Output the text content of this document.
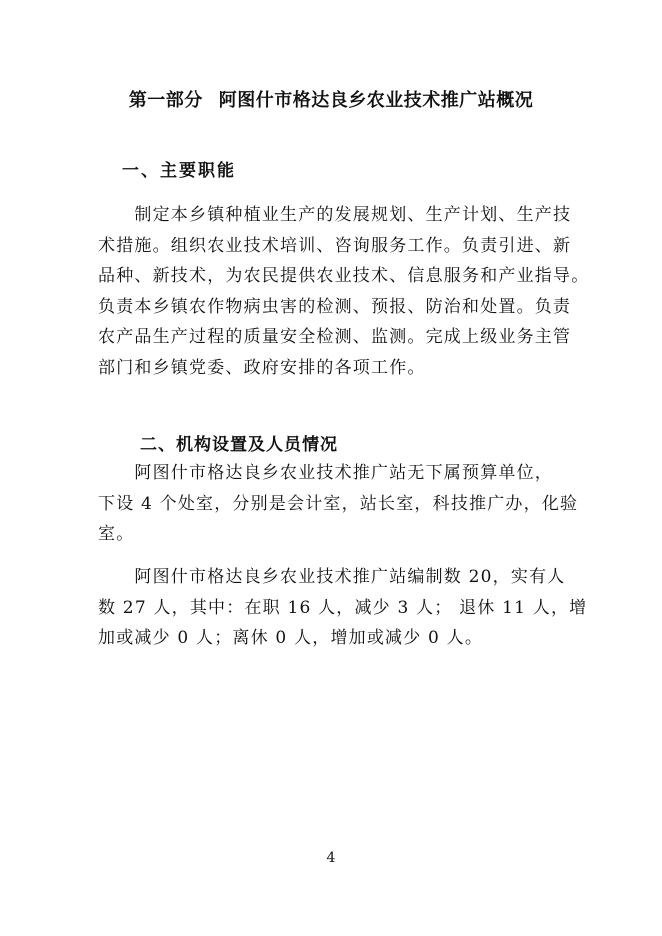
第一部分 阿图什市格达良乡农业技术推广站概况
一、主要职能
　　制定本乡镇种植业生产的发展规划、生产计划、生产技
术措施。组织农业技术培训、咨询服务工作。负责引进、新
品种、新技术，为农民提供农业技术、信息服务和产业指导。
负责本乡镇农作物病虫害的检测、预报、防治和处置。负责
农产品生产过程的质量安全检测、监测。完成上级业务主管
部门和乡镇党委、政府安排的各项工作。
二、机构设置及人员情况
　　阿图什市格达良乡农业技术推广站无下属预算单位，
下设 4 个处室，分别是会计室，站长室，科技推广办，化验
室。
　　阿图什市格达良乡农业技术推广站编制数 20，实有人
数 27 人，其中：在职 16 人，减少 3 人； 退休 11 人，增
加或减少 0 人；离休 0 人，增加或减少 0 人。
4
